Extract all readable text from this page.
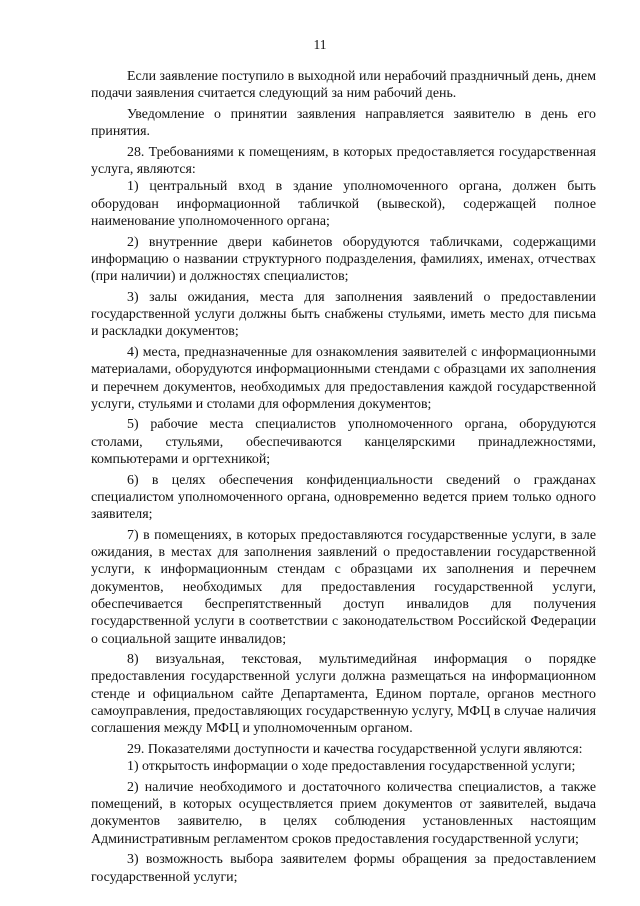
11

Если заявление поступило в выходной или нерабочий праздничный день, днем подачи заявления считается следующий за ним рабочий день.

Уведомление о принятии заявления направляется заявителю в день его принятия.

28. Требованиями к помещениям, в которых предоставляется государственная услуга, являются:

1) центральный вход в здание уполномоченного органа, должен быть оборудован информационной табличкой (вывеской), содержащей полное наименование уполномоченного органа;

2) внутренние двери кабинетов оборудуются табличками, содержащими информацию о названии структурного подразделения, фамилиях, именах, отчествах (при наличии) и должностях специалистов;

3) залы ожидания, места для заполнения заявлений о предоставлении государственной услуги должны быть снабжены стульями, иметь место для письма и раскладки документов;

4) места, предназначенные для ознакомления заявителей с информационными материалами, оборудуются информационными стендами с образцами их заполнения и перечнем документов, необходимых для предоставления каждой государственной услуги, стульями и столами для оформления документов;

5) рабочие места специалистов уполномоченного органа, оборудуются столами, стульями, обеспечиваются канцелярскими принадлежностями, компьютерами и оргтехникой;

6) в целях обеспечения конфиденциальности сведений о гражданах специалистом уполномоченного органа, одновременно ведется прием только одного заявителя;

7) в помещениях, в которых предоставляются государственные услуги, в зале ожидания, в местах для заполнения заявлений о предоставлении государственной услуги, к информационным стендам с образцами их заполнения и перечнем документов, необходимых для предоставления государственной услуги, обеспечивается беспрепятственный доступ инвалидов для получения государственной услуги в соответствии с законодательством Российской Федерации о социальной защите инвалидов;

8) визуальная, текстовая, мультимедийная информация о порядке предоставления государственной услуги должна размещаться на информационном стенде и официальном сайте Департамента, Едином портале, органов местного самоуправления, предоставляющих государственную услугу, МФЦ в случае наличия соглашения между МФЦ и уполномоченным органом.

29. Показателями доступности и качества государственной услуги являются:

1) открытость информации о ходе предоставления государственной услуги;

2) наличие необходимого и достаточного количества специалистов, а также помещений, в которых осуществляется прием документов от заявителей, выдача документов заявителю, в целях соблюдения установленных настоящим Административным регламентом сроков предоставления государственной услуги;

3) возможность выбора заявителем формы обращения за предоставлением государственной услуги;
